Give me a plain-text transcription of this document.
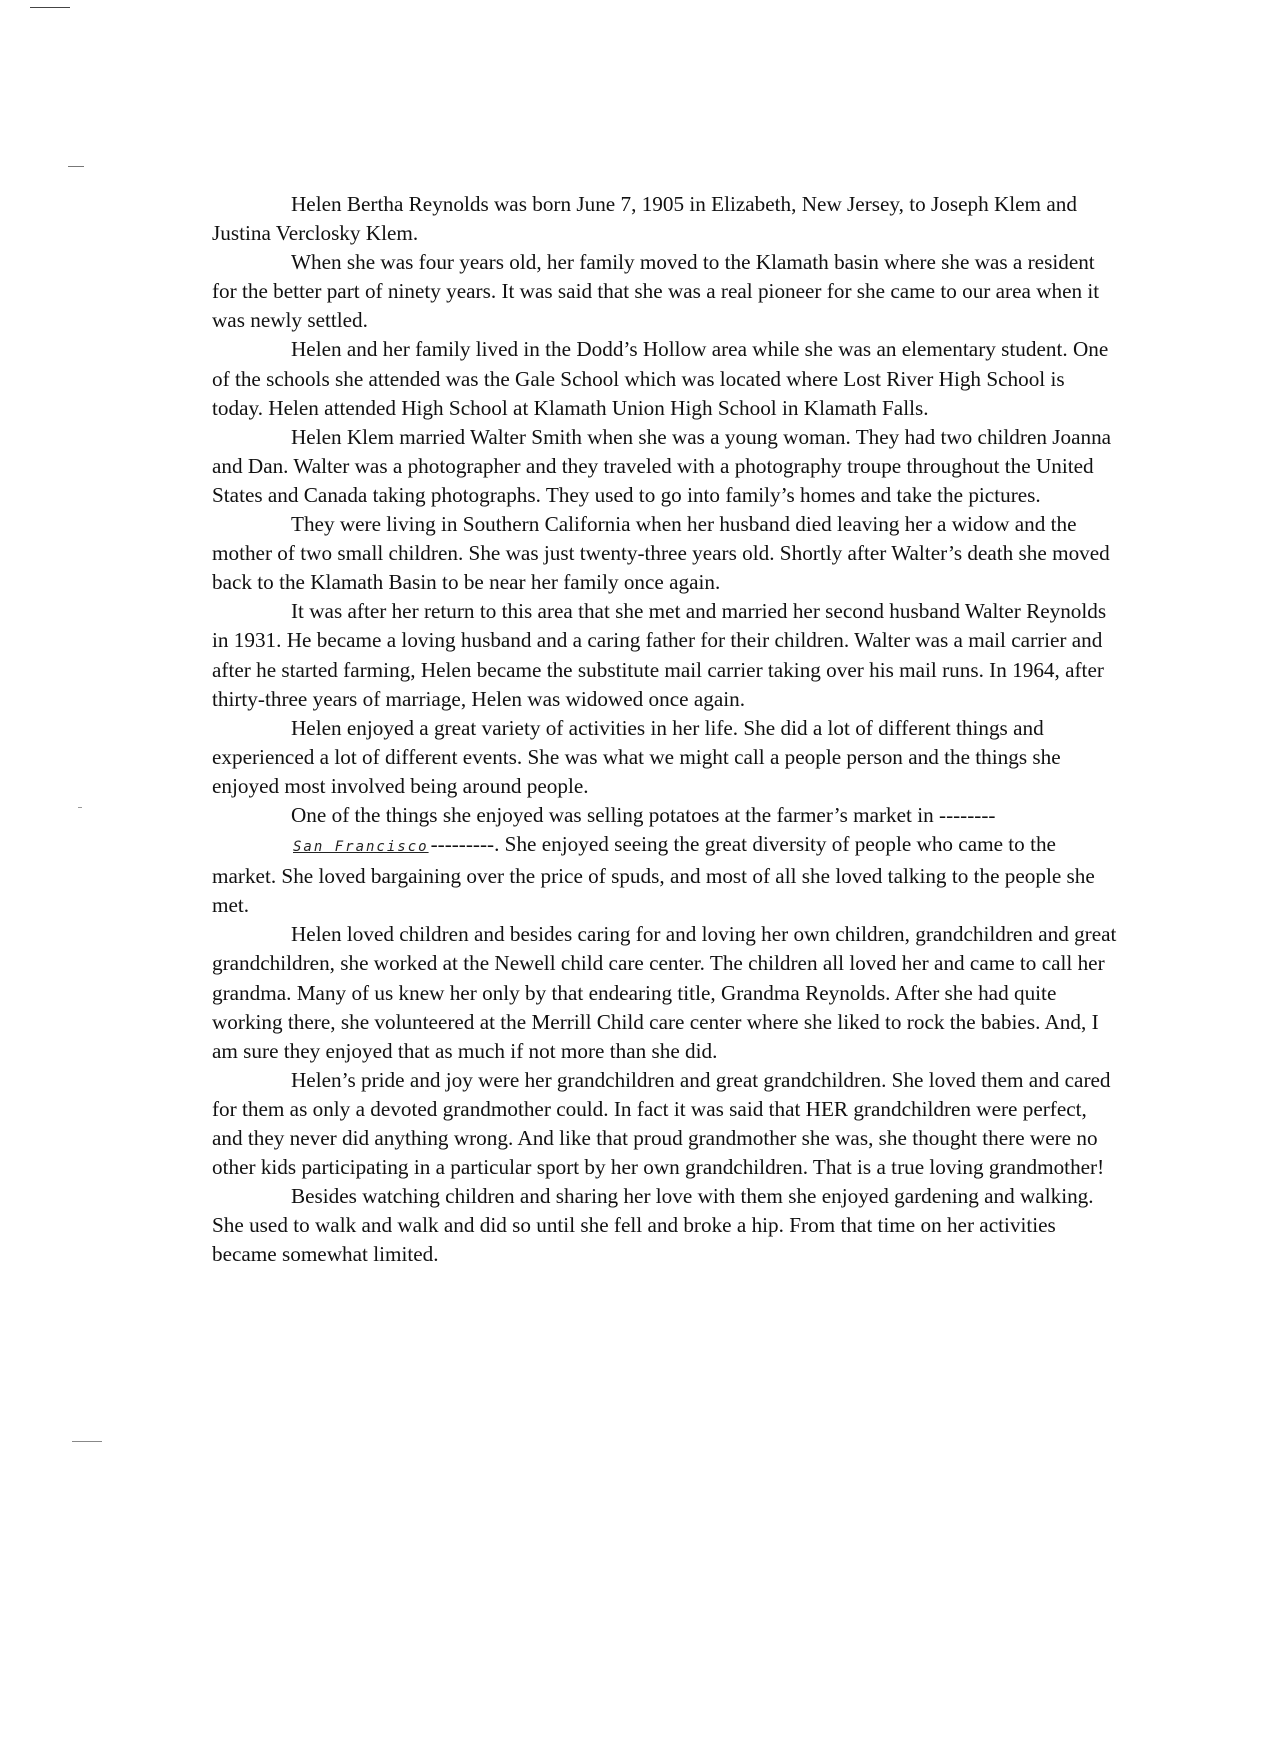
Helen Bertha Reynolds was born June 7, 1905 in Elizabeth, New Jersey, to Joseph Klem and Justina Verclosky Klem.

When she was four years old, her family moved to the Klamath basin where she was a resident for the better part of ninety years. It was said that she was a real pioneer for she came to our area when it was newly settled.

Helen and her family lived in the Dodd’s Hollow area while she was an elementary student. One of the schools she attended was the Gale School which was located where Lost River High School is today. Helen attended High School at Klamath Union High School in Klamath Falls.

Helen Klem married Walter Smith when she was a young woman. They had two children Joanna and Dan. Walter was a photographer and they traveled with a photography troupe throughout the United States and Canada taking photographs. They used to go into family’s homes and take the pictures.

They were living in Southern California when her husband died leaving her a widow and the mother of two small children. She was just twenty-three years old. Shortly after Walter’s death she moved back to the Klamath Basin to be near her family once again.

It was after her return to this area that she met and married her second husband Walter Reynolds in 1931. He became a loving husband and a caring father for their children. Walter was a mail carrier and after he started farming, Helen became the substitute mail carrier taking over his mail runs. In 1964, after thirty-three years of marriage, Helen was widowed once again.

Helen enjoyed a great variety of activities in her life. She did a lot of different things and experienced a lot of different events. She was what we might call a people person and the things she enjoyed most involved being around people.

One of the things she enjoyed was selling potatoes at the farmer’s market in -------- San Francisco---------. She enjoyed seeing the great diversity of people who came to the market. She loved bargaining over the price of spuds, and most of all she loved talking to the people she met.

Helen loved children and besides caring for and loving her own children, grandchildren and great grandchildren, she worked at the Newell child care center. The children all loved her and came to call her grandma. Many of us knew her only by that endearing title, Grandma Reynolds. After she had quite working there, she volunteered at the Merrill Child care center where she liked to rock the babies. And, I am sure they enjoyed that as much if not more than she did.

Helen’s pride and joy were her grandchildren and great grandchildren. She loved them and cared for them as only a devoted grandmother could. In fact it was said that HER grandchildren were perfect, and they never did anything wrong. And like that proud grandmother she was, she thought there were no other kids participating in a particular sport by her own grandchildren. That is a true loving grandmother!

Besides watching children and sharing her love with them she enjoyed gardening and walking. She used to walk and walk and did so until she fell and broke a hip. From that time on her activities became somewhat limited.
